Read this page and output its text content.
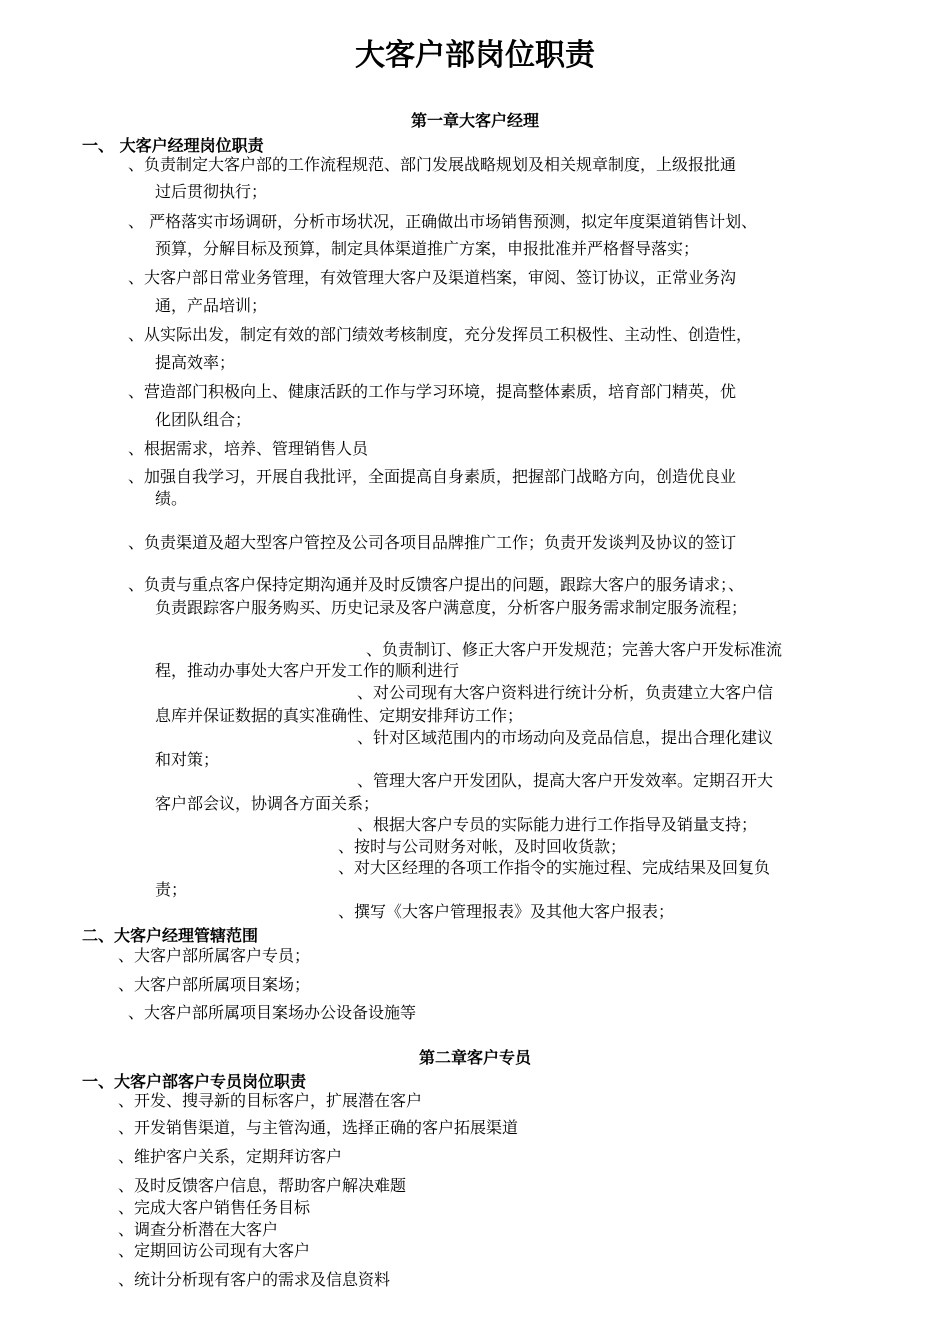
大客户部岗位职责
第一章大客户经理
一、 大客户经理岗位职责

、负责制定大客户部的工作流程规范、部门发展战略规划及相关规章制度，上级报批通

过后贯彻执行；

、 严格落实市场调研，分析市场状况，正确做出市场销售预测，拟定年度渠道销售计划、

预算，分解目标及预算，制定具体渠道推广方案，申报批准并严格督导落实；

、大客户部日常业务管理，有效管理大客户及渠道档案，审阅、签订协议，正常业务沟

通，产品培训；

、从实际出发，制定有效的部门绩效考核制度，充分发挥员工积极性、主动性、创造性，

提高效率；

、营造部门积极向上、健康活跃的工作与学习环境，提高整体素质，培育部门精英，优

化团队组合；

、根据需求，培养、管理销售人员

、加强自我学习，开展自我批评，全面提高自身素质，把握部门战略方向，创造优良业

绩。

、负责渠道及超大型客户管控及公司各项目品牌推广工作；负责开发谈判及协议的签订

、负责与重点客户保持定期沟通并及时反馈客户提出的问题，跟踪大客户的服务请求；、

负责跟踪客户服务购买、历史记录及客户满意度，分析客户服务需求制定服务流程；

、负责制订、修正大客户开发规范；完善大客户开发标准流

程，推动办事处大客户开发工作的顺利进行

、对公司现有大客户资料进行统计分析，负责建立大客户信

息库并保证数据的真实准确性、定期安排拜访工作；

、针对区域范围内的市场动向及竞品信息，提出合理化建议

和对策；

、管理大客户开发团队，提高大客户开发效率。定期召开大

客户部会议，协调各方面关系；

、根据大客户专员的实际能力进行工作指导及销量支持；

、按时与公司财务对帐，及时回收货款；

、对大区经理的各项工作指令的实施过程、完成结果及回复负

责；

、撰写《大客户管理报表》及其他大客户报表；

二、大客户经理管辖范围

、大客户部所属客户专员；

、大客户部所属项目案场；

、大客户部所属项目案场办公设备设施等

第二章客户专员
一、大客户部客户专员岗位职责

、开发、搜寻新的目标客户，扩展潜在客户

、开发销售渠道，与主管沟通，选择正确的客户拓展渠道

、维护客户关系，定期拜访客户

、及时反馈客户信息，帮助客户解决难题

、完成大客户销售任务目标

、调查分析潜在大客户

、定期回访公司现有大客户

、统计分析现有客户的需求及信息资料
